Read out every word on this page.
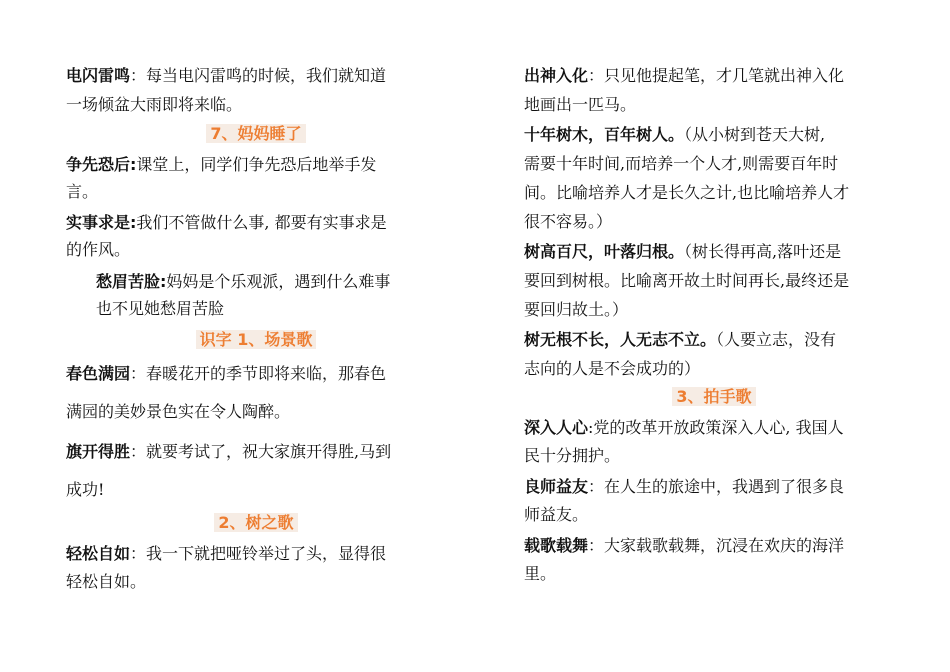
电闪雷鸣：每当电闪雷鸣的时候，我们就知道
一场倾盆大雨即将来临。
7、妈妈睡了
争先恐后:课堂上，同学们争先恐后地举手发
言。
实事求是:我们不管做什么事, 都要有实事求是
的作风。
愁眉苦脸:妈妈是个乐观派，遇到什么难事
也不见她愁眉苦脸
识字 1、场景歌
春色满园：春暖花开的季节即将来临，那春色
满园的美妙景色实在令人陶醉。
旗开得胜：就要考试了，祝大家旗开得胜,马到
成功!
2、树之歌
轻松自如：我一下就把哑铃举过了头，显得很
轻松自如。
出神入化：只见他提起笔，才几笔就出神入化
地画出一匹马。
十年树木，百年树人。（从小树到苍天大树,
需要十年时间,而培养一个人才,则需要百年时
间。比喻培养人才是长久之计,也比喻培养人才
很不容易。）
树高百尺，叶落归根。（树长得再高,落叶还是
要回到树根。比喻离开故土时间再长,最终还是
要回归故土。）
树无根不长，人无志不立。（人要立志，没有
志向的人是不会成功的）
3、拍手歌
深入人心:党的改革开放政策深入人心, 我国人
民十分拥护。
良师益友：在人生的旅途中，我遇到了很多良
师益友。
载歌载舞：大家载歌载舞，沉浸在欢庆的海洋
里。
